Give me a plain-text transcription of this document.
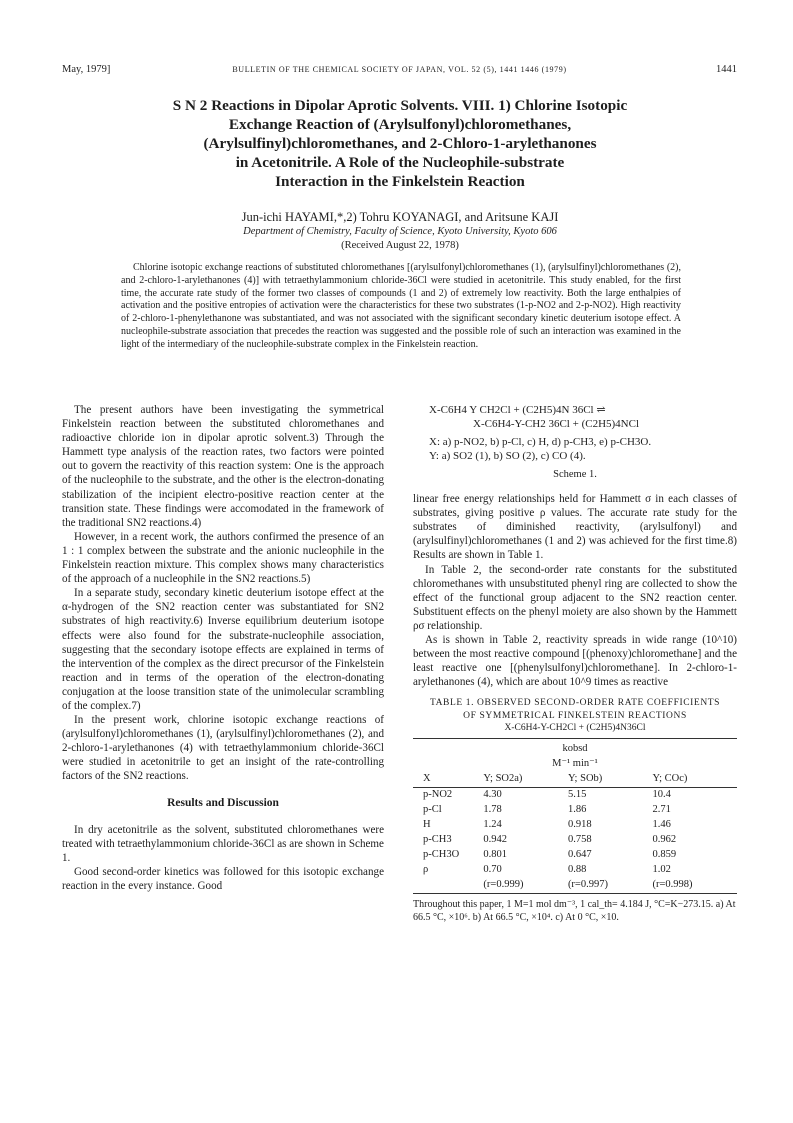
May, 1979]	BULLETIN OF THE CHEMICAL SOCIETY OF JAPAN, VOL. 52 (5), 1441 1446 (1979)	1441
S N 2 Reactions in Dipolar Aprotic Solvents. VIII. 1) Chlorine Isotopic
Exchange Reaction of (Arylsulfonyl)chloromethanes,
(Arylsulfinyl)chloromethanes, and 2-Chloro-1-arylethanones
in Acetonitrile. A Role of the Nucleophile-substrate
Interaction in the Finkelstein Reaction
Jun-ichi HAYAMI,*,2) Tohru KOYANAGI, and Aritsune KAJI
Department of Chemistry, Faculty of Science, Kyoto University, Kyoto 606
(Received August 22, 1978)

Chlorine isotopic exchange reactions of substituted chloromethanes [(arylsulfonyl)chloromethanes (1), (arylsulfinyl)chloromethanes (2), and 2-chloro-1-arylethanones (4)] with tetraethylammonium chloride-36Cl were studied in acetonitrile. This study enabled, for the first time, the accurate rate study of the former two classes of compounds (1 and 2) of extremely low reactivity. Both the large enthalpies of activation and the positive entropies of activation were the characteristics for these two substrates (1-p-NO2 and 2-p-NO2). High reactivity of 2-chloro-1-phenylethanone was substantiated, and was not associated with the significant secondary kinetic deuterium isotope effect. A nucleophile-substrate association that precedes the reaction was suggested and the possible role of such an interaction was examined in the light of the intermediary of the nucleophile-substrate complex in the Finkelstein reaction.

The present authors have been investigating the symmetrical Finkelstein reaction between the substituted chloromethanes and radioactive chloride ion in dipolar aprotic solvent.3) Through the Hammett type analysis of the reaction rates, two factors were pointed out to govern the reactivity of this reaction system: One is the approach of the nucleophile to the substrate, and the other is the electron-donating stabilization of the incipient electro-positive reaction center at the transition state. These findings were accomodated in the framework of the traditional SN2 reactions.4)

However, in a recent work, the authors confirmed the presence of an 1 : 1 complex between the substrate and the anionic nucleophile in the Finkelstein reaction mixture. This complex shows many characteristics of the approach of a nucleophile in the SN2 reactions.5)

In a separate study, secondary kinetic deuterium isotope effect at the α-hydrogen of the SN2 reaction center was substantiated for SN2 substrates of high reactivity.6) Inverse equilibrium deuterium isotope effects were also found for the substrate-nucleophile association, suggesting that the secondary isotope effects are explained in terms of the intervention of the complex as the direct precursor of the Finkelstein reaction and in terms of the operation of the electron-donating conjugation at the loose transition state of the unimolecular scrambling of the complex.7)

In the present work, chlorine isotopic exchange reactions of (arylsulfonyl)chloromethanes (1), (arylsulfinyl)chloromethanes (2), and 2-chloro-1-arylethanones (4) with tetraethylammonium chloride-36Cl were studied in acetonitrile to get an insight of the rate-controlling factors of the SN2 reactions.

Results and Discussion

In dry acetonitrile as the solvent, substituted chloromethanes were treated with tetraethylammonium chloride-36Cl as are shown in Scheme 1.

Good second-order kinetics was followed for this isotopic exchange reaction in the every instance. Good

X-C6H4 Y CH2Cl + (C2H5)4N 36Cl ⇌
X-C6H4-Y-CH2 36Cl + (C2H5)4NCl
X: a) p-NO2, b) p-Cl, c) H, d) p-CH3, e) p-CH3O.
Y: a) SO2 (1), b) SO (2), c) CO (4).
Scheme 1.

linear free energy relationships held for Hammett σ in each classes of substrates, giving positive ρ values. The accurate rate study for the substrates of diminished reactivity, (arylsulfonyl) and (arylsulfinyl)chloromethanes (1 and 2) was achieved for the first time.8) Results are shown in Table 1.

In Table 2, the second-order rate constants for the substituted chloromethanes with unsubstituted phenyl ring are collected to show the effect of the functional group adjacent to the SN2 reaction center. Substituent effects on the phenyl moiety are also shown by the Hammett ρσ relationship.

As is shown in Table 2, reactivity spreads in wide range (10^10) between the most reactive compound [(phenoxy)chloromethane] and the least reactive one [(phenylsulfonyl)chloromethane]. In 2-chloro-1-arylethanones (4), which are about 10^9 times as reactive

TABLE 1. OBSERVED SECOND-ORDER RATE COEFFICIENTS
OF SYMMETRICAL FINKELSTEIN REACTIONS
X-C6H4-Y-CH2Cl + (C2H5)4N36Cl
kobsd			
M⁻¹ min⁻¹			
X	Y; SO2a)	Y; SOb)	Y; COc)
p-NO2	4.30	5.15	10.4
p-Cl	1.78	1.86	2.71
H	1.24	0.918	1.46
p-CH3	0.942	0.758	0.962
p-CH3O	0.801	0.647	0.859
ρ	0.70	0.88	1.02
	(r=0.999)	(r=0.997)	(r=0.998)

Throughout this paper, 1 M=1 mol dm⁻³, 1 cal_th= 4.184 J, °C=K−273.15. a) At 66.5 °C, ×10⁶. b) At 66.5 °C, ×10⁴. c) At 0 °C, ×10.
